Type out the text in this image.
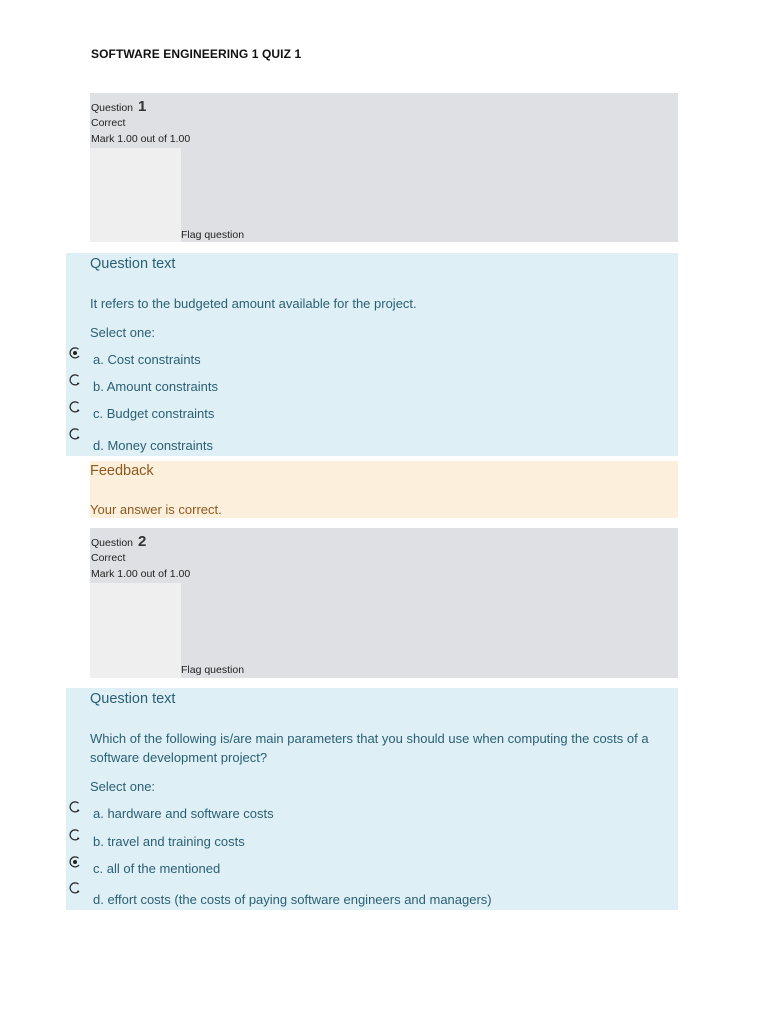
SOFTWARE ENGINEERING 1 QUIZ 1
Question 1
Correct
Mark 1.00 out of 1.00
Flag question
Question text
It refers to the budgeted amount available for the project.
Select one:
a. Cost constraints
b. Amount constraints
c. Budget constraints
d. Money constraints
Feedback
Your answer is correct.
Question 2
Correct
Mark 1.00 out of 1.00
Flag question
Question text
Which of the following is/are main parameters that you should use when computing the costs of a software development project?
Select one:
a. hardware and software costs
b. travel and training costs
c. all of the mentioned
d. effort costs (the costs of paying software engineers and managers)
